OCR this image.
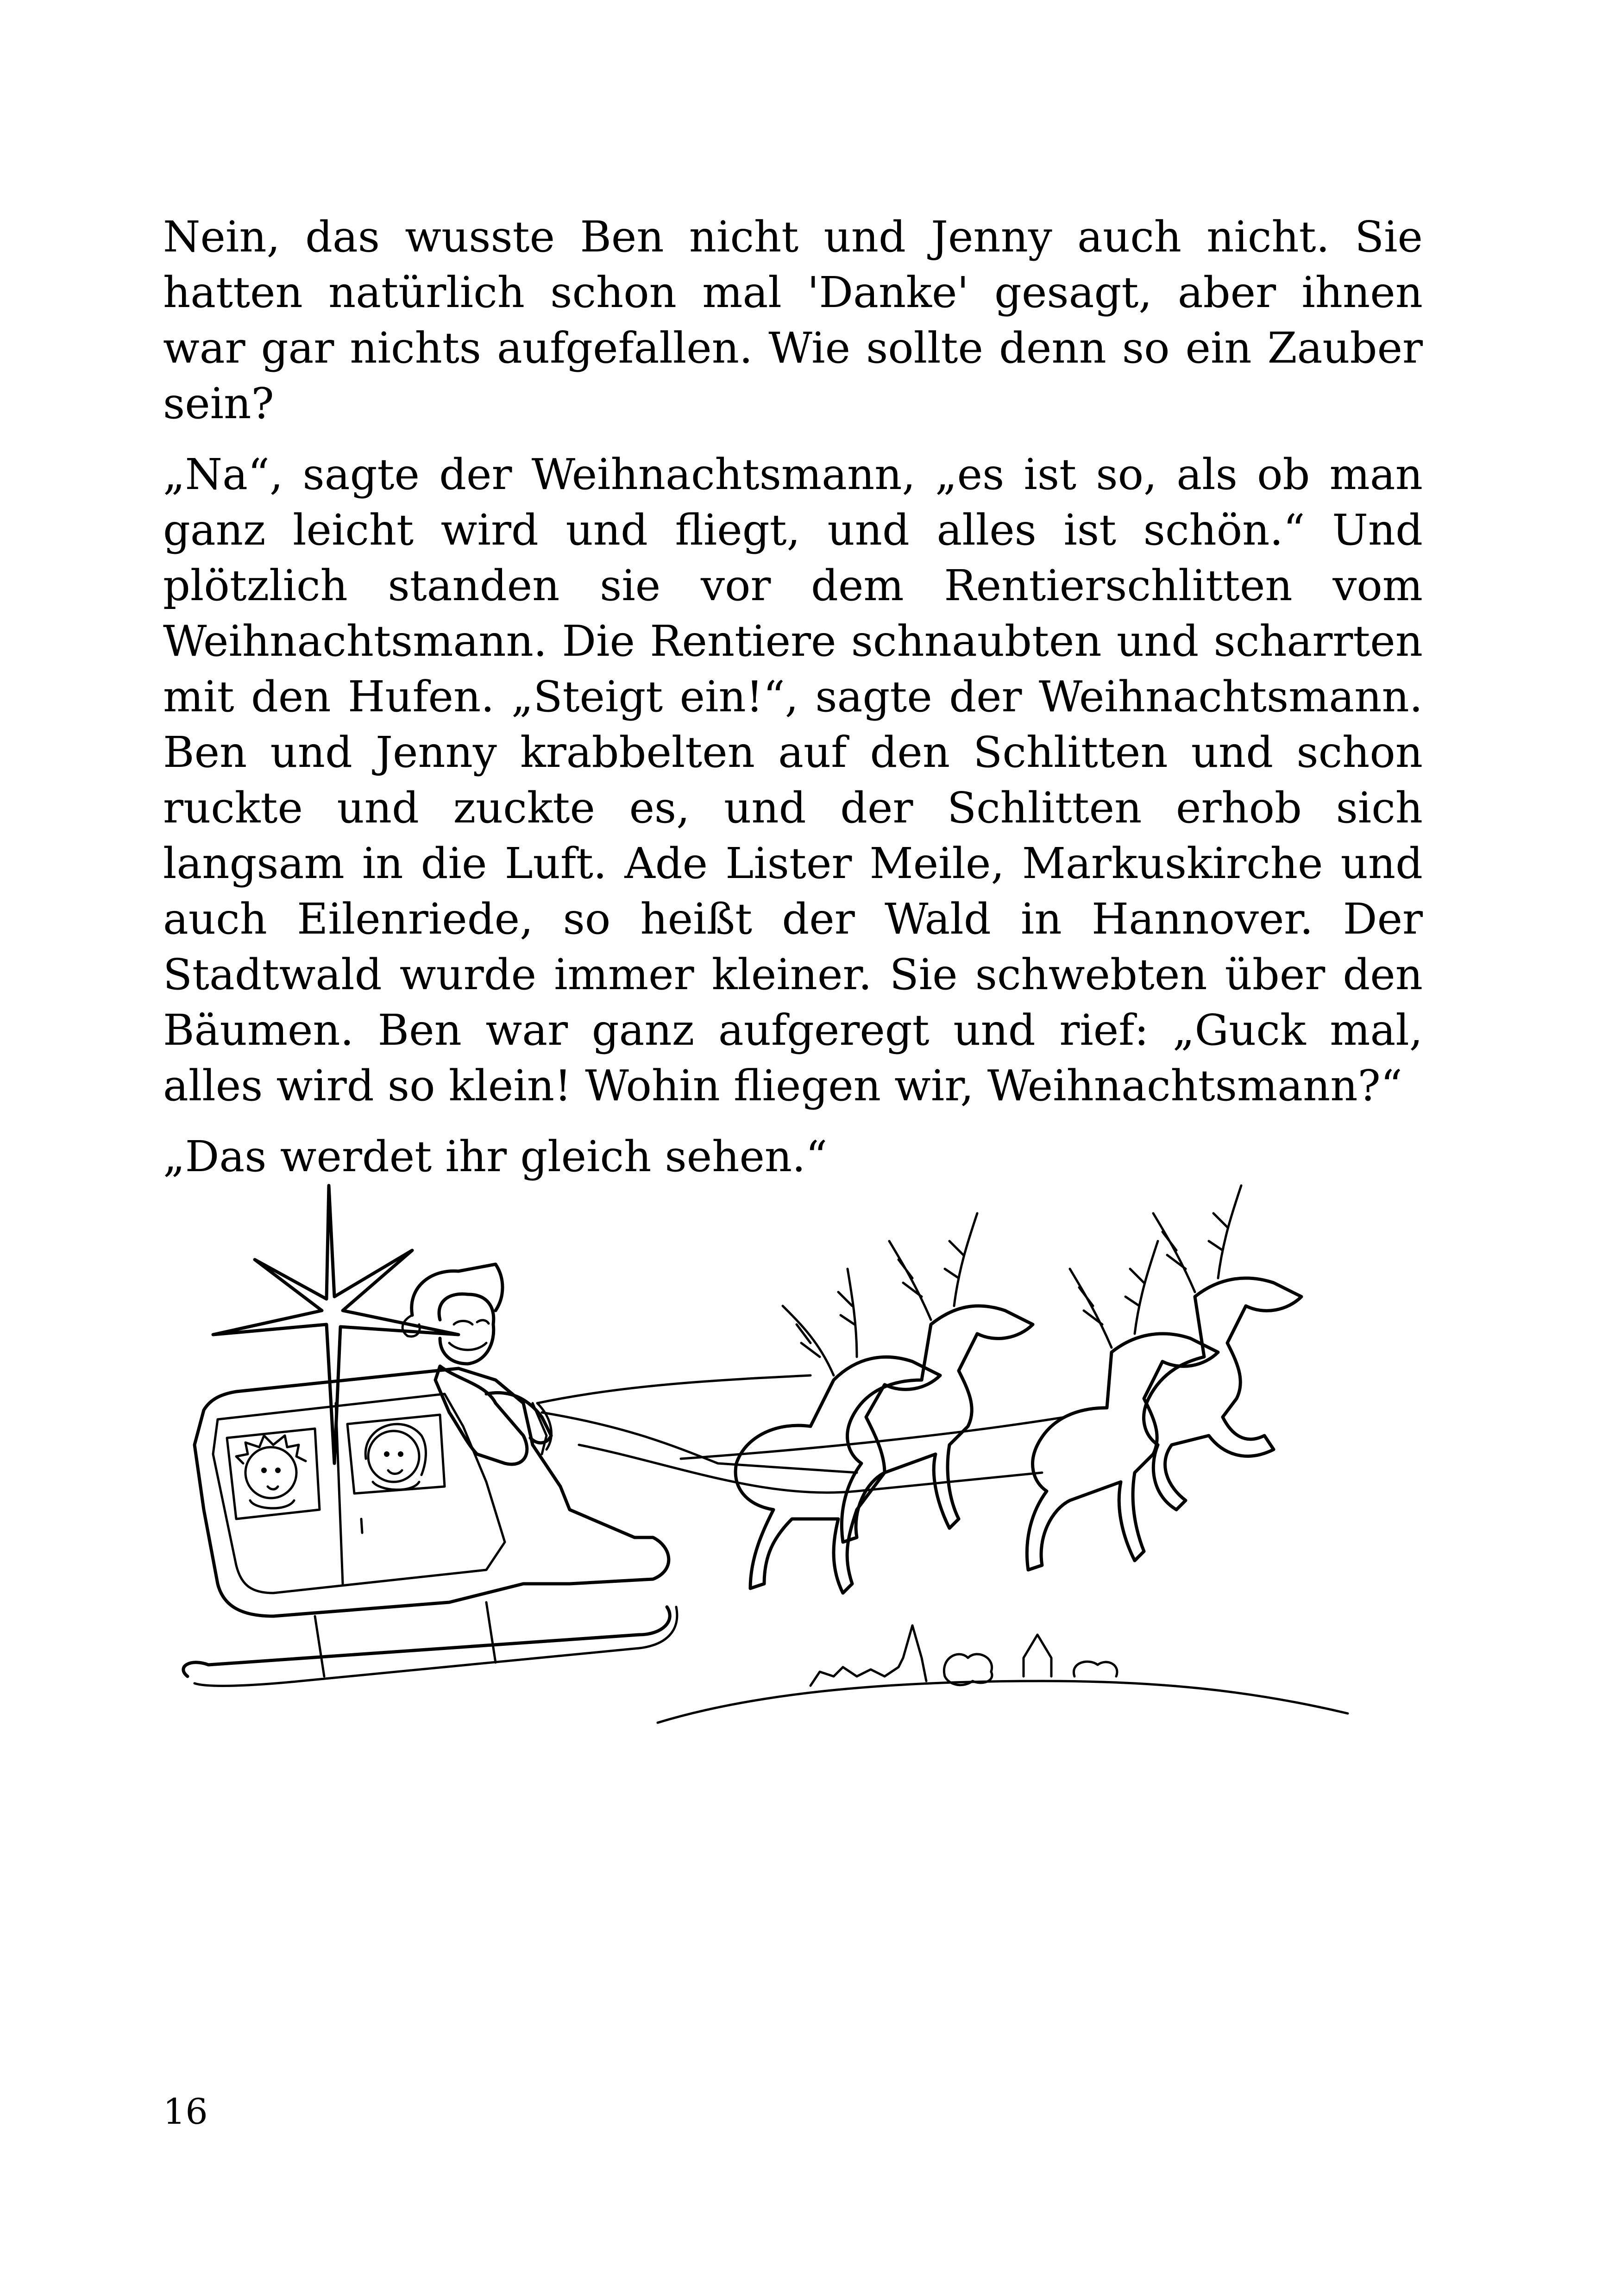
Nein, das wusste Ben nicht und Jenny auch nicht. Sie hatten natürlich schon mal 'Danke' gesagt, aber ihnen war gar nichts aufgefallen. Wie sollte denn so ein Zauber sein?

„Na“, sagte der Weihnachtsmann, „es ist so, als ob man ganz leicht wird und fliegt, und alles ist schön.“ Und plötzlich standen sie vor dem Rentierschlitten vom Weihnachtsmann. Die Rentiere schnaubten und scharrten mit den Hufen. „Steigt ein!“, sagte der Weihnachtsmann. Ben und Jenny krabbelten auf den Schlitten und schon ruckte und zuckte es, und der Schlitten erhob sich langsam in die Luft. Ade Lister Meile, Markuskirche und auch Eilenriede, so heißt der Wald in Hannover. Der Stadtwald wurde immer kleiner. Sie schwebten über den Bäumen. Ben war ganz aufgeregt und rief: „Guck mal, alles wird so klein! Wohin fliegen wir, Weihnachtsmann?“

„Das werdet ihr gleich sehen.“

16
